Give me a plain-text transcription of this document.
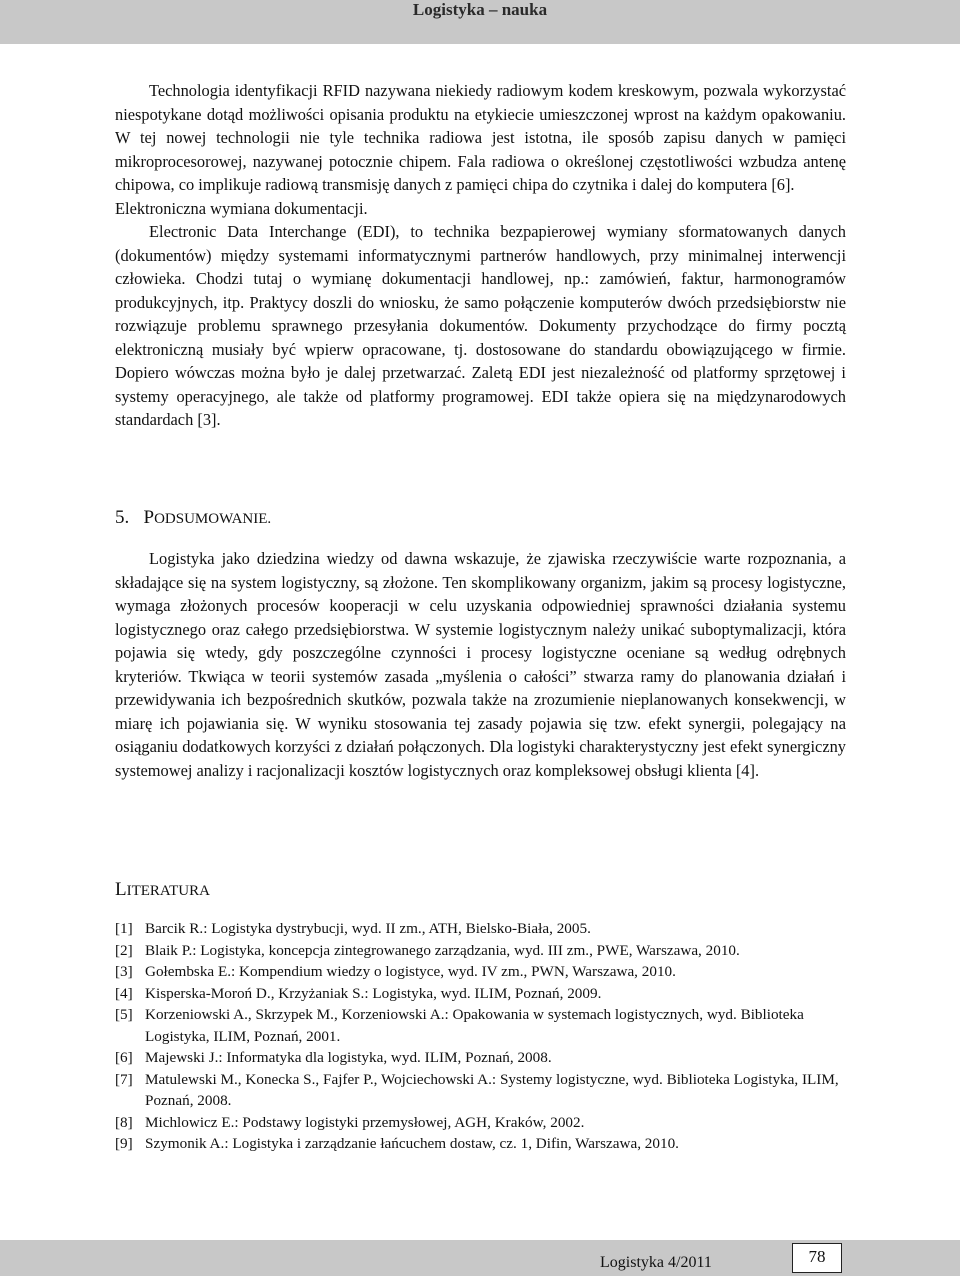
Logistyka – nauka

Technologia identyfikacji RFID nazywana niekiedy radiowym kodem kreskowym, pozwala wykorzystać niespotykane dotąd możliwości opisania produktu na etykiecie umieszczonej wprost na każdym opakowaniu. W tej nowej technologii nie tyle technika radiowa jest istotna, ile sposób zapisu danych w pamięci mikroprocesorowej, nazywanej potocznie chipem. Fala radiowa o określonej częstotliwości wzbudza antenę chipowa, co implikuje radiową transmisję danych z pamięci chipa do czytnika i dalej do komputera [6].

Elektroniczna wymiana dokumentacji.

Electronic Data Interchange (EDI), to technika bezpapierowej wymiany sformatowanych danych (dokumentów) między systemami informatycznymi partnerów handlowych, przy minimalnej interwencji człowieka. Chodzi tutaj o wymianę dokumentacji handlowej, np.: zamówień, faktur, harmonogramów produkcyjnych, itp. Praktycy doszli do wniosku, że samo połączenie komputerów dwóch przedsiębiorstw nie rozwiązuje problemu sprawnego przesyłania dokumentów. Dokumenty przychodzące do firmy pocztą elektroniczną musiały być wpierw opracowane, tj. dostosowane do standardu obowiązującego w firmie. Dopiero wówczas można było je dalej przetwarzać. Zaletą EDI jest niezależność od platformy sprzętowej i systemy operacyjnego, ale także od platformy programowej. EDI także opiera się na międzynarodowych standardach [3].

5. PODSUMOWANIE.

Logistyka jako dziedzina wiedzy od dawna wskazuje, że zjawiska rzeczywiście warte rozpoznania, a składające się na system logistyczny, są złożone. Ten skomplikowany organizm, jakim są procesy logistyczne, wymaga złożonych procesów kooperacji w celu uzyskania odpowiedniej sprawności działania systemu logistycznego oraz całego przedsiębiorstwa. W systemie logistycznym należy unikać suboptymalizacji, która pojawia się wtedy, gdy poszczególne czynności i procesy logistyczne oceniane są według odrębnych kryteriów. Tkwiąca w teorii systemów zasada „myślenia o całości” stwarza ramy do planowania działań i przewidywania ich bezpośrednich skutków, pozwala także na zrozumienie nieplanowanych konsekwencji, w miarę ich pojawiania się. W wyniku stosowania tej zasady pojawia się tzw. efekt synergii, polegający na osiąganiu dodatkowych korzyści z działań połączonych. Dla logistyki charakterystyczny jest efekt synergiczny systemowej analizy i racjonalizacji kosztów logistycznych oraz kompleksowej obsługi klienta [4].

LITERATURA
[1] Barcik R.: Logistyka dystrybucji, wyd. II zm., ATH, Bielsko-Biała, 2005.
[2] Blaik P.: Logistyka, koncepcja zintegrowanego zarządzania, wyd. III zm., PWE, Warszawa, 2010.
[3] Gołembska E.: Kompendium wiedzy o logistyce, wyd. IV zm., PWN, Warszawa, 2010.
[4] Kisperska-Moroń D., Krzyżaniak S.: Logistyka, wyd. ILIM, Poznań, 2009.
[5] Korzeniowski A., Skrzypek M., Korzeniowski A.: Opakowania w systemach logistycznych, wyd. Biblioteka Logistyka, ILIM, Poznań, 2001.
[6] Majewski J.: Informatyka dla logistyka, wyd. ILIM, Poznań, 2008.
[7] Matulewski M., Konecka S., Fajfer P., Wojciechowski A.: Systemy logistyczne, wyd. Biblioteka Logistyka, ILIM, Poznań, 2008.
[8] Michlowicz E.: Podstawy logistyki przemysłowej, AGH, Kraków, 2002.
[9] Szymonik A.: Logistyka i zarządzanie łańcuchem dostaw, cz. 1, Difin, Warszawa, 2010.
Logistyka 4/2011	78
